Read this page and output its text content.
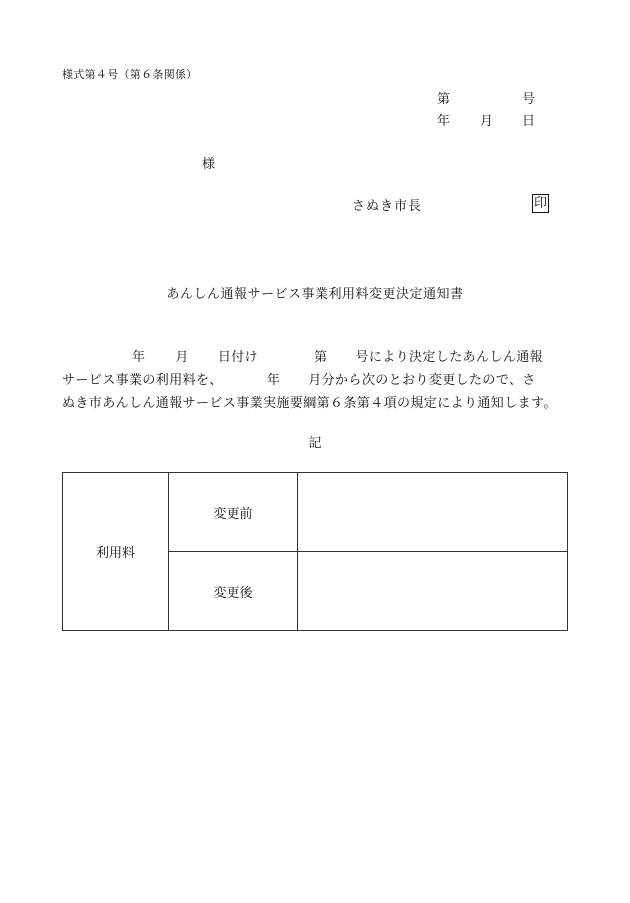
様式第４号（第６条関係）
第	号
年 月 日
様
さぬき市長	印
あんしん通報サービス事業利用料変更決定通知書
年 月 日付け	第 号により決定したあんしん通報
サービス事業の利用料を、	年 月分から次のとおり変更したので、さ
ぬき市あんしん通報サービス事業実施要綱第６条第４項の規定により通知します。
記
利用料	変更前	
	変更後	
